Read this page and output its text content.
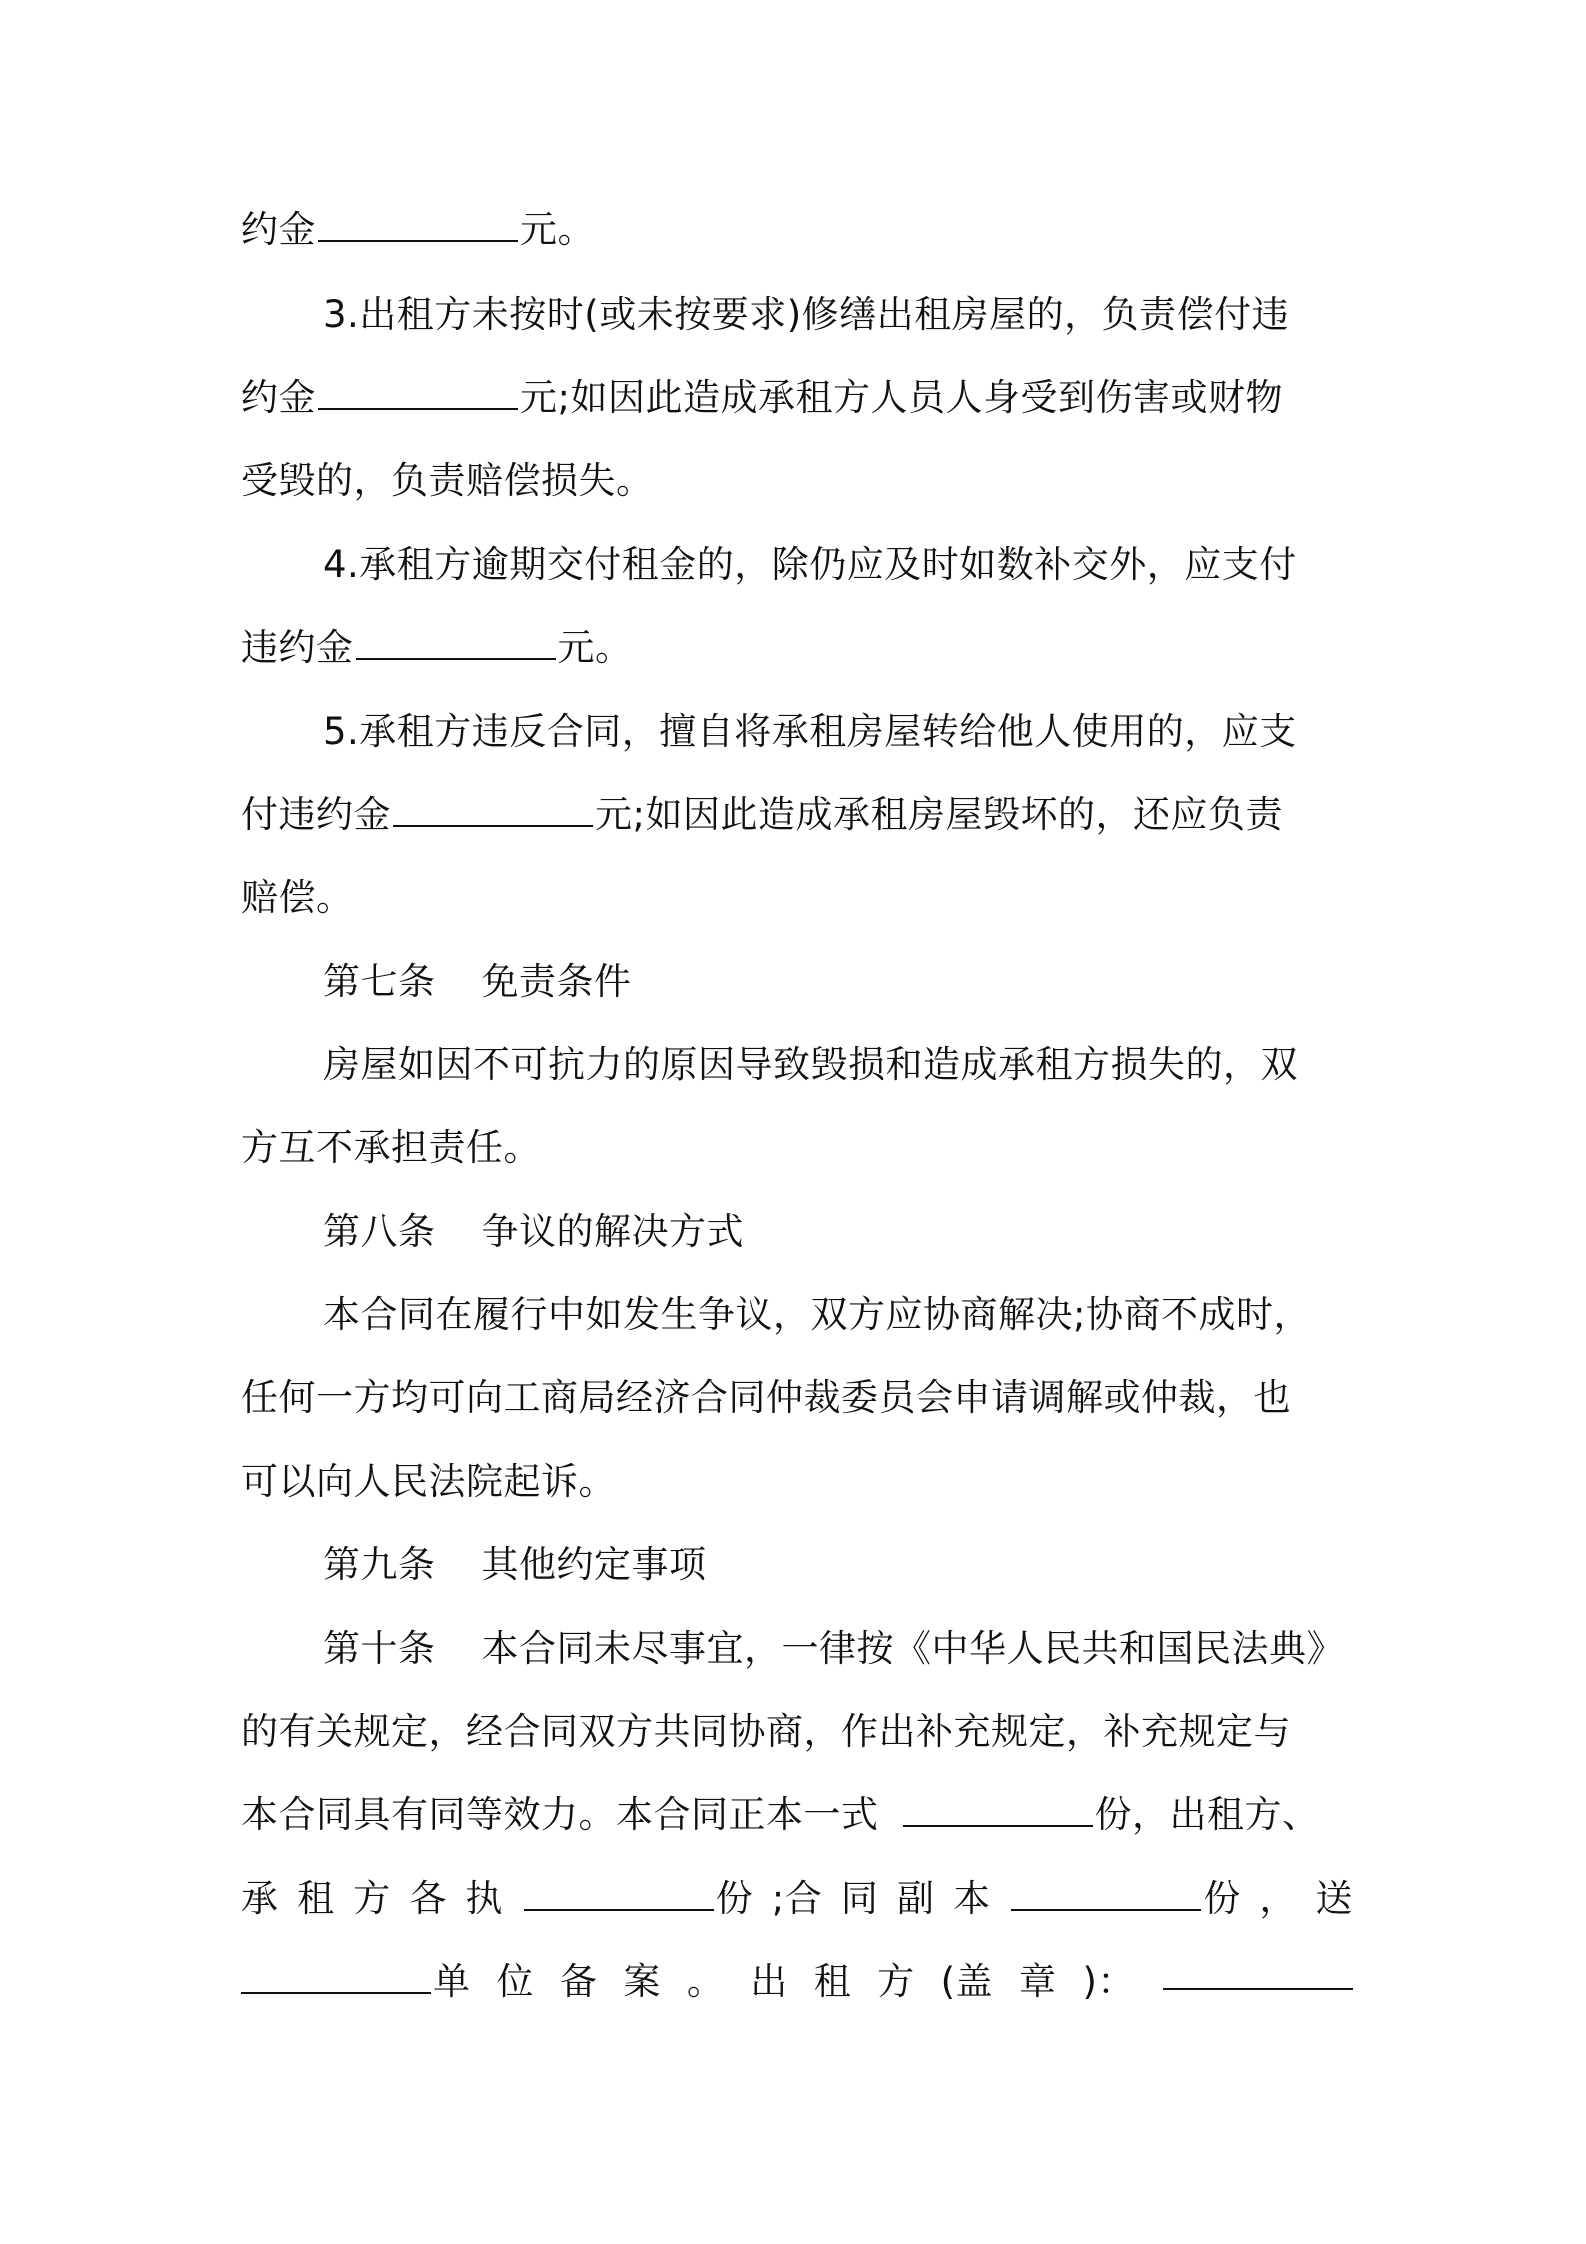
约金	元。
3.出租方未按时(或未按要求)修缮出租房屋的，负责偿付违
约金	元;如因此造成承租方人员人身受到伤害或财物
受毁的，负责赔偿损失。
4.承租方逾期交付租金的，除仍应及时如数补交外，应支付
违约金	元。
5.承租方违反合同，擅自将承租房屋转给他人使用的，应支
付违约金	元;如因此造成承租房屋毁坏的，还应负责
赔偿。
第七条 免责条件
房屋如因不可抗力的原因导致毁损和造成承租方损失的，双
方互不承担责任。
第八条 争议的解决方式
本合同在履行中如发生争议，双方应协商解决;协商不成时，
任何一方均可向工商局经济合同仲裁委员会申请调解或仲裁，也
可以向人民法院起诉。
第九条 其他约定事项
第十条 本合同未尽事宜，一律按《中华人民共和国民法典》
的有关规定，经合同双方共同协商，作出补充规定，补充规定与
本合同具有同等效力。本合同正本一式	份，出租方、
承 租 方 各 执	份 ;合 同 副 本	份 ， 送
单 位 备 案 。 出 租 方 (盖 章 )：
